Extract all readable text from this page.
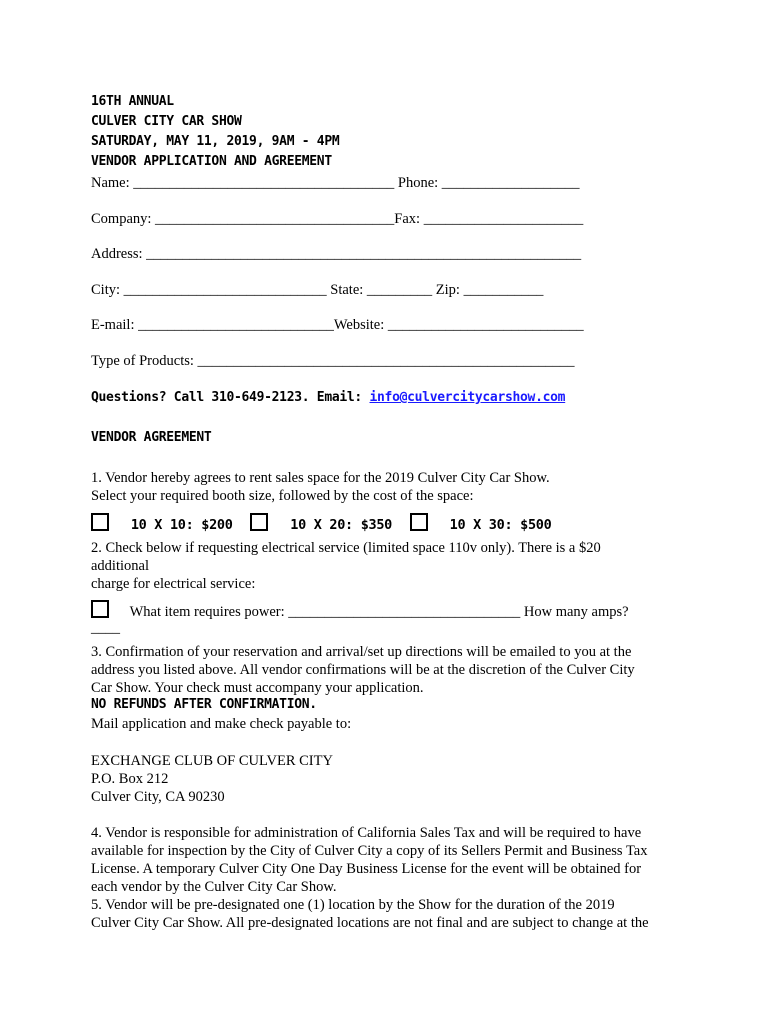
16TH ANNUAL
CULVER CITY CAR SHOW
SATURDAY, MAY 11, 2019, 9AM - 4PM
VENDOR APPLICATION AND AGREEMENT
Name: ____________________________________ Phone: ___________________
Company: _________________________________Fax: ______________________
Address: ____________________________________________________________
City: ____________________________ State: _________ Zip: ___________
E-mail: ___________________________Website: ___________________________
Type of Products: ____________________________________________________
Questions? Call 310-649-2123. Email: info@culvercitycarshow.com
VENDOR AGREEMENT
1. Vendor hereby agrees to rent sales space for the 2019 Culver City Car Show.
Select your required booth size, followed by the cost of the space:
10 X 10: $200	10 X 20: $350	10 X 30: $500
2. Check below if requesting electrical service (limited space 110v only). There is a $20
additional
charge for electrical service:
What item requires power: ________________________________ How many amps?
____
3. Confirmation of your reservation and arrival/set up directions will be emailed to you at the
address you listed above. All vendor confirmations will be at the discretion of the Culver City
Car Show. Your check must accompany your application.
NO REFUNDS AFTER CONFIRMATION.
Mail application and make check payable to:
EXCHANGE CLUB OF CULVER CITY
P.O. Box 212
Culver City, CA 90230
4. Vendor is responsible for administration of California Sales Tax and will be required to have
available for inspection by the City of Culver City a copy of its Sellers Permit and Business Tax
License. A temporary Culver City One Day Business License for the event will be obtained for
each vendor by the Culver City Car Show.
5. Vendor will be pre-designated one (1) location by the Show for the duration of the 2019
Culver City Car Show. All pre-designated locations are not final and are subject to change at the
